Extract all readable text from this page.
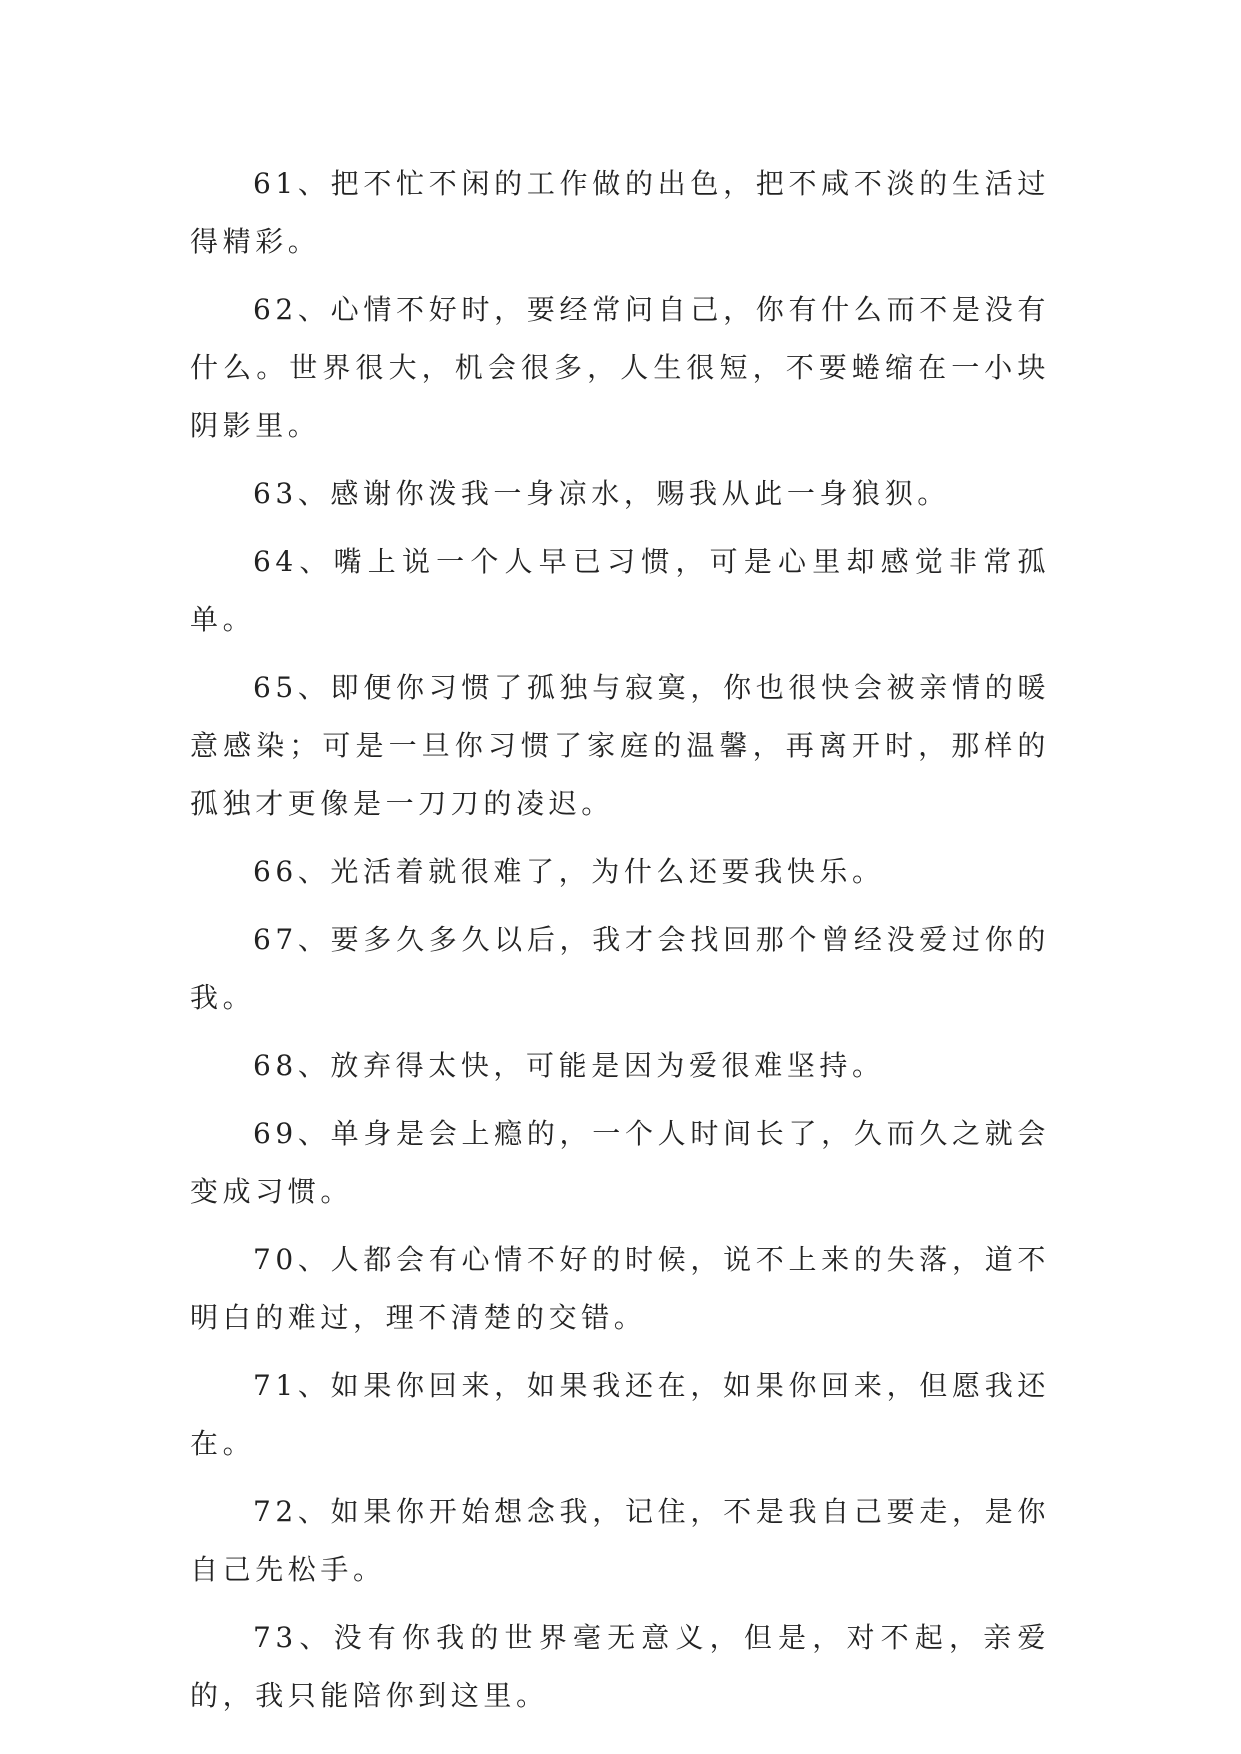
61、把不忙不闲的工作做的出色，把不咸不淡的生活过得精彩。

62、心情不好时，要经常问自己，你有什么而不是没有什么。世界很大，机会很多，人生很短，不要蜷缩在一小块阴影里。

63、感谢你泼我一身凉水，赐我从此一身狼狈。

64、嘴上说一个人早已习惯，可是心里却感觉非常孤单。

65、即便你习惯了孤独与寂寞，你也很快会被亲情的暖意感染；可是一旦你习惯了家庭的温馨，再离开时，那样的孤独才更像是一刀刀的凌迟。

66、光活着就很难了，为什么还要我快乐。

67、要多久多久以后，我才会找回那个曾经没爱过你的我。

68、放弃得太快，可能是因为爱很难坚持。

69、单身是会上瘾的，一个人时间长了，久而久之就会变成习惯。

70、人都会有心情不好的时候，说不上来的失落，道不明白的难过，理不清楚的交错。

71、如果你回来，如果我还在，如果你回来，但愿我还在。

72、如果你开始想念我，记住，不是我自己要走，是你自己先松手。

73、没有你我的世界毫无意义，但是，对不起，亲爱的，我只能陪你到这里。
